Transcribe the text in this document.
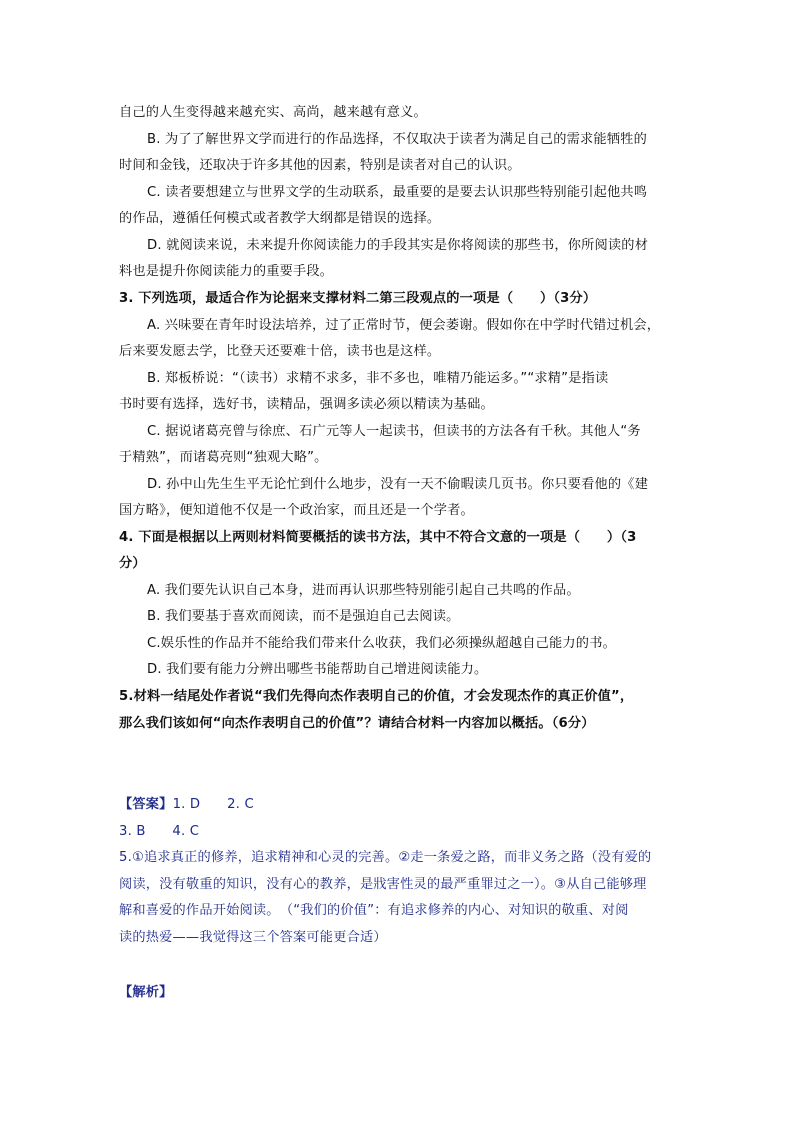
自己的人生变得越来越充实、高尚，越来越有意义。
B. 为了了解世界文学而进行的作品选择，不仅取决于读者为满足自己的需求能牺牲的
时间和金钱，还取决于许多其他的因素，特别是读者对自己的认识。
C. 读者要想建立与世界文学的生动联系，最重要的是要去认识那些特别能引起他共鸣
的作品，遵循任何模式或者教学大纲都是错误的选择。
D. 就阅读来说，未来提升你阅读能力的手段其实是你将阅读的那些书，你所阅读的材
料也是提升你阅读能力的重要手段。
3. 下列选项，最适合作为论据来支撑材料二第三段观点的一项是（　　）（3分）
A. 兴味要在青年时设法培养，过了正常时节，便会萎谢。假如你在中学时代错过机会，
后来要发愿去学，比登天还要难十倍，读书也是这样。
B. 郑板桥说：“（读书）求精不求多，非不多也，唯精乃能运多。”“求精”是指读
书时要有选择，选好书，读精品，强调多读必须以精读为基础。
C. 据说诸葛亮曾与徐庶、石广元等人一起读书，但读书的方法各有千秋。其他人“务
于精熟”，而诸葛亮则“独观大略”。
D. 孙中山先生生平无论忙到什么地步，没有一天不偷暇读几页书。你只要看他的《建
国方略》，便知道他不仅是一个政治家，而且还是一个学者。
4. 下面是根据以上两则材料简要概括的读书方法，其中不符合文意的一项是（　　）（3
分）
A. 我们要先认识自己本身，进而再认识那些特别能引起自己共鸣的作品。
B. 我们要基于喜欢而阅读，而不是强迫自己去阅读。
C.娱乐性的作品并不能给我们带来什么收获，我们必须操纵超越自己能力的书。
D. 我们要有能力分辨出哪些书能帮助自己增进阅读能力。
5.材料一结尾处作者说“我们先得向杰作表明自己的价值，才会发现杰作的真正价值”，
那么我们该如何“向杰作表明自己的价值”？请结合材料一内容加以概括。（6分）
【答案】1. D　　2. C
3. B　　4. C
5.①追求真正的修养，追求精神和心灵的完善。②走一条爱之路，而非义务之路（没有爱的
阅读，没有敬重的知识，没有心的教养，是戕害性灵的最严重罪过之一）。③从自己能够理
解和喜爱的作品开始阅读。　（“我们的价值”：有追求修养的内心、对知识的敬重、对阅
读的热爱——我觉得这三个答案可能更合适）
【解析】
